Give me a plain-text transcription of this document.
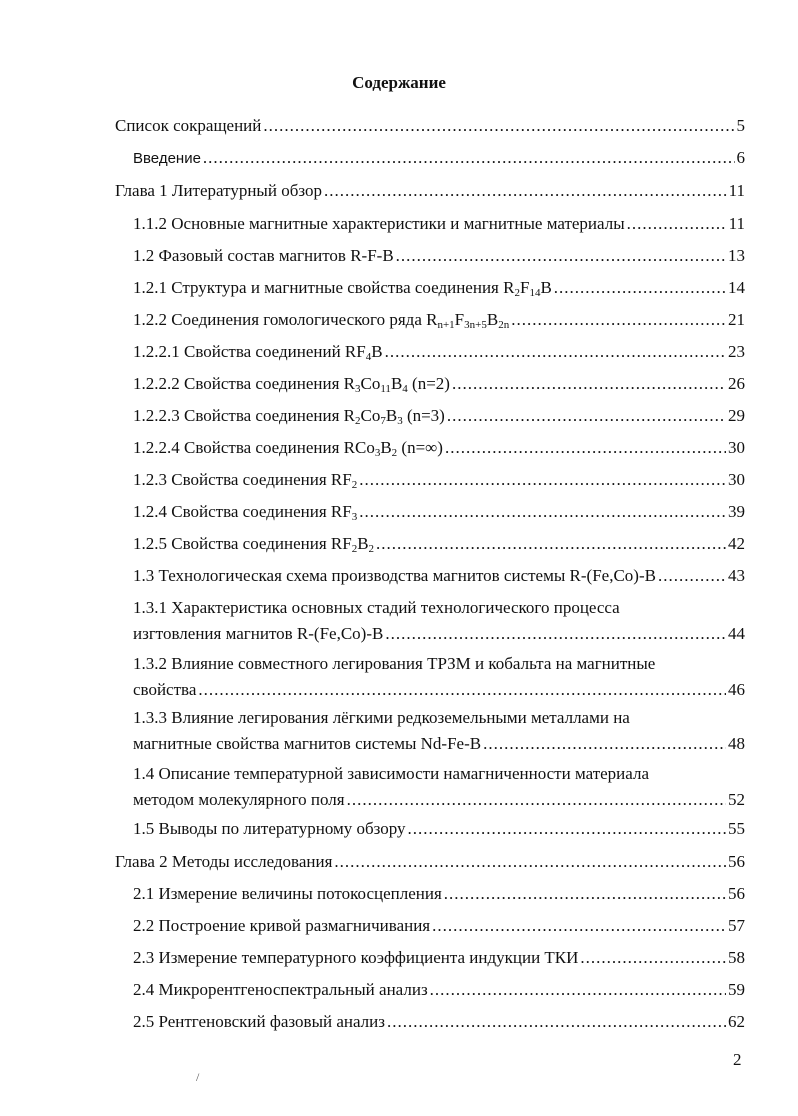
Содержание
Список сокращений .....	5
Введение .....	6
Глава 1 Литературный обзор .....	11
1.1.2 Основные магнитные характеристики и магнитные материалы .....	11
1.2 Фазовый состав магнитов R-F-B .....	13
1.2.1 Структура и магнитные свойства соединения $R_2F_{14}B$ .....	14
1.2.2 Соединения гомологического ряда $R_{n+1}F_{3n+5}B_{2n}$ .....	21
1.2.2.1 Свойства соединений $RF_4B$ .....	23
1.2.2.2 Свойства соединения $R_3Co_{11}B_4$ (n=2) .....	26
1.2.2.3 Свойства соединения $R_2Co_7B_3$ (n=3) .....	29
1.2.2.4 Свойства соединения $RCo_3B_2$ (n=∞) .....	30
1.2.3 Свойства соединения $RF_2$ .....	30
1.2.4 Свойства соединения $RF_3$ .....	39
1.2.5 Свойства соединения $RF_2B_2$ .....	42
1.3 Технологическая схема производства магнитов системы R-(Fe,Co)-B .....	43
1.3.1 Характеристика основных стадий технологического процесса
изгтовления магнитов R-(Fe,Co)-B .....	44
1.3.2 Влияние совместного легирования ТРЗМ и кобальта на магнитные
свойства .....	46
1.3.3 Влияние легирования лёгкими редкоземельными металлами на
магнитные свойства магнитов системы Nd-Fe-B .....	48
1.4 Описание температурной зависимости намагниченности материала
методом молекулярного поля .....	52
1.5 Выводы по литературному обзору .....	55
Глава 2 Методы исследования .....	56
2.1 Измерение величины потокосцепления .....	56
2.2 Построение кривой размагничивания .....	57
2.3 Измерение температурного коэффициента индукции ТКИ .....	58
2.4 Микрорентгеноспектральный анализ .....	59
2.5 Рентгеновский фазовый анализ .....	62
2
/
